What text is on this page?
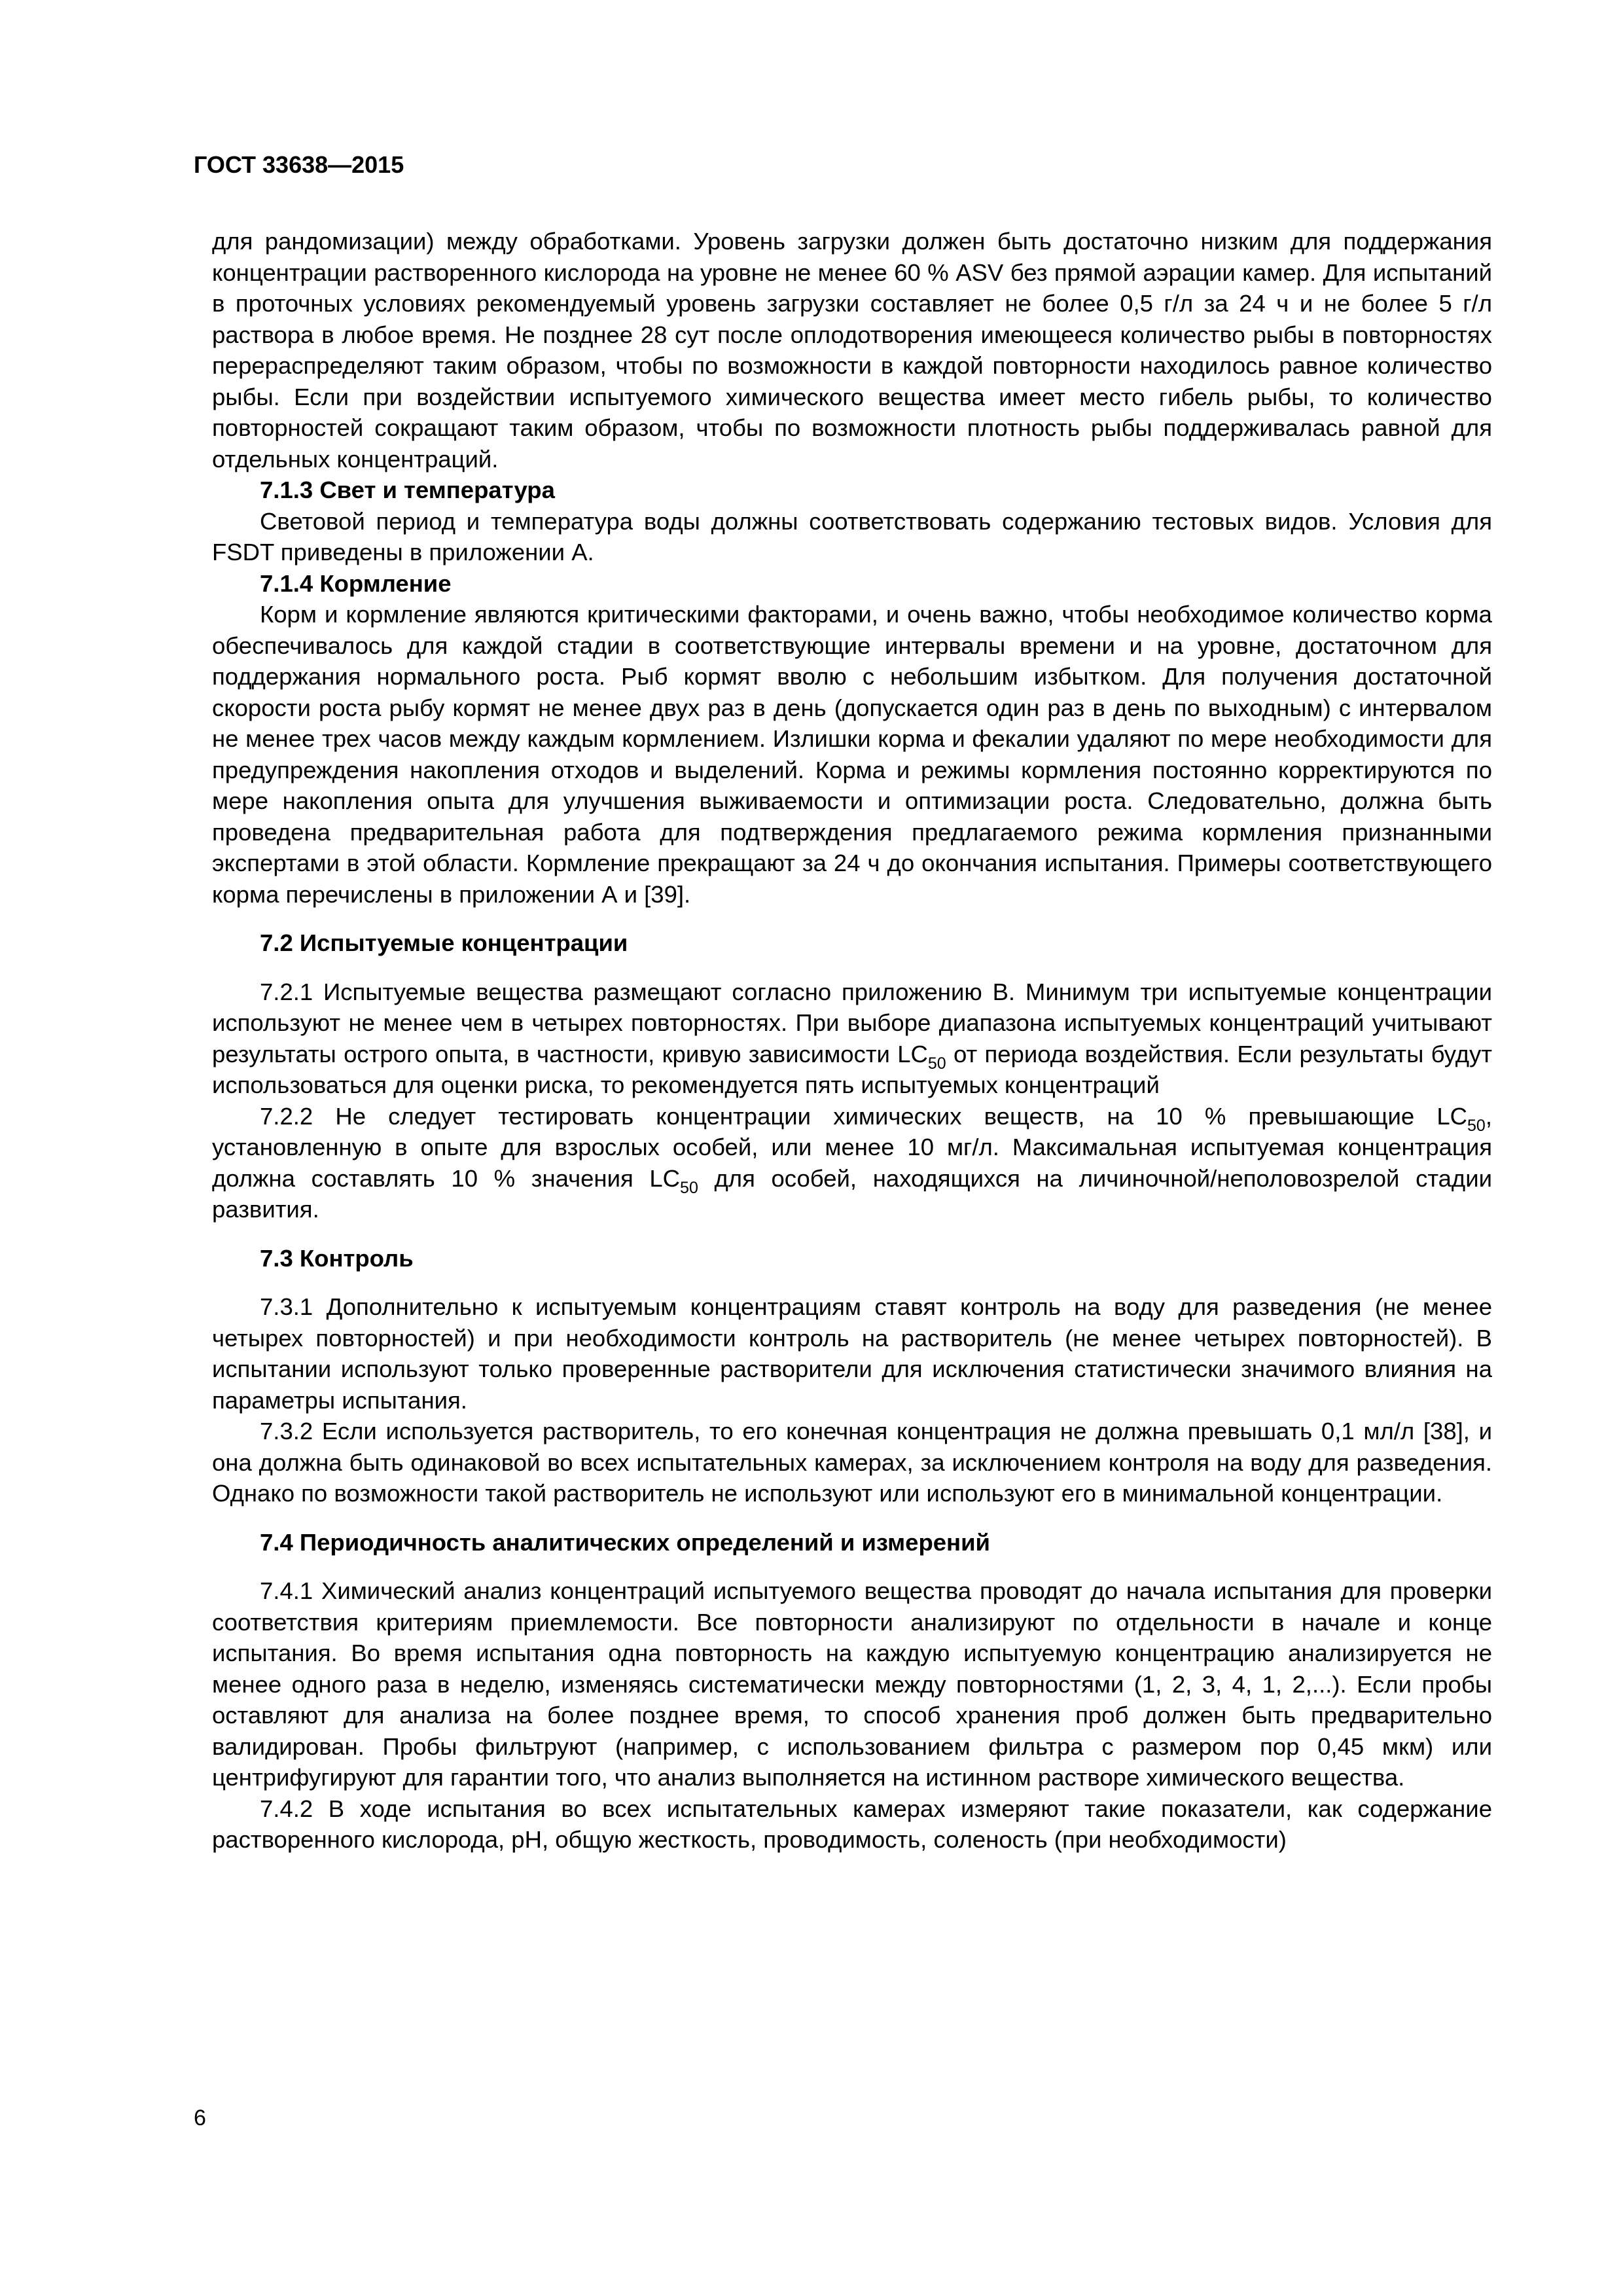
ГОСТ 33638—2015

для рандомизации) между обработками. Уровень загрузки должен быть достаточно низким для поддержания концентрации растворенного кислорода на уровне не менее 60 % ASV без прямой аэрации камер. Для испытаний в проточных условиях рекомендуемый уровень загрузки составляет не более 0,5 г/л за 24 ч и не более 5 г/л раствора в любое время. Не позднее 28 сут после оплодотворения имеющееся количество рыбы в повторностях перераспределяют таким образом, чтобы по возможности в каждой повторности находилось равное количество рыбы. Если при воздействии испытуемого химического вещества имеет место гибель рыбы, то количество повторностей сокращают таким образом, чтобы по возможности плотность рыбы поддерживалась равной для отдельных концентраций.

7.1.3 Свет и температура

Световой период и температура воды должны соответствовать содержанию тестовых видов. Условия для FSDT приведены в приложении А.

7.1.4 Кормление

Корм и кормление являются критическими факторами, и очень важно, чтобы необходимое количество корма обеспечивалось для каждой стадии в соответствующие интервалы времени и на уровне, достаточном для поддержания нормального роста. Рыб кормят вволю с небольшим избытком. Для получения достаточной скорости роста рыбу кормят не менее двух раз в день (допускается один раз в день по выходным) с интервалом не менее трех часов между каждым кормлением. Излишки корма и фекалии удаляют по мере необходимости для предупреждения накопления отходов и выделений. Корма и режимы кормления постоянно корректируются по мере накопления опыта для улучшения выживаемости и оптимизации роста. Следовательно, должна быть проведена предварительная работа для подтверждения предлагаемого режима кормления признанными экспертами в этой области. Кормление прекращают за 24 ч до окончания испытания. Примеры соответствующего корма перечислены в приложении А и [39].

7.2 Испытуемые концентрации

7.2.1 Испытуемые вещества размещают согласно приложению В. Минимум три испытуемые концентрации используют не менее чем в четырех повторностях. При выборе диапазона испытуемых концентраций учитывают результаты острого опыта, в частности, кривую зависимости $LC_{50}$ от периода воздействия. Если результаты будут использоваться для оценки риска, то рекомендуется пять испытуемых концентраций

7.2.2 Не следует тестировать концентрации химических веществ, на 10 % превышающие $LC_{50}$, установленную в опыте для взрослых особей, или менее 10 мг/л. Максимальная испытуемая концентрация должна составлять 10 % значения $LC_{50}$ для особей, находящихся на личиночной/неполовозрелой стадии развития.

7.3 Контроль

7.3.1 Дополнительно к испытуемым концентрациям ставят контроль на воду для разведения (не менее четырех повторностей) и при необходимости контроль на растворитель (не менее четырех повторностей). В испытании используют только проверенные растворители для исключения статистически значимого влияния на параметры испытания.

7.3.2 Если используется растворитель, то его конечная концентрация не должна превышать 0,1 мл/л [38], и она должна быть одинаковой во всех испытательных камерах, за исключением контроля на воду для разведения. Однако по возможности такой растворитель не используют или используют его в минимальной концентрации.

7.4 Периодичность аналитических определений и измерений

7.4.1 Химический анализ концентраций испытуемого вещества проводят до начала испытания для проверки соответствия критериям приемлемости. Все повторности анализируют по отдельности в начале и конце испытания. Во время испытания одна повторность на каждую испытуемую концентрацию анализируется не менее одного раза в неделю, изменяясь систематически между повторностями (1, 2, 3, 4, 1, 2,...). Если пробы оставляют для анализа на более позднее время, то способ хранения проб должен быть предварительно валидирован. Пробы фильтруют (например, с использованием фильтра с размером пор 0,45 мкм) или центрифугируют для гарантии того, что анализ выполняется на истинном растворе химического вещества.

7.4.2 В ходе испытания во всех испытательных камерах измеряют такие показатели, как содержание растворенного кислорода, pH, общую жесткость, проводимость, соленость (при необходимости)

6
